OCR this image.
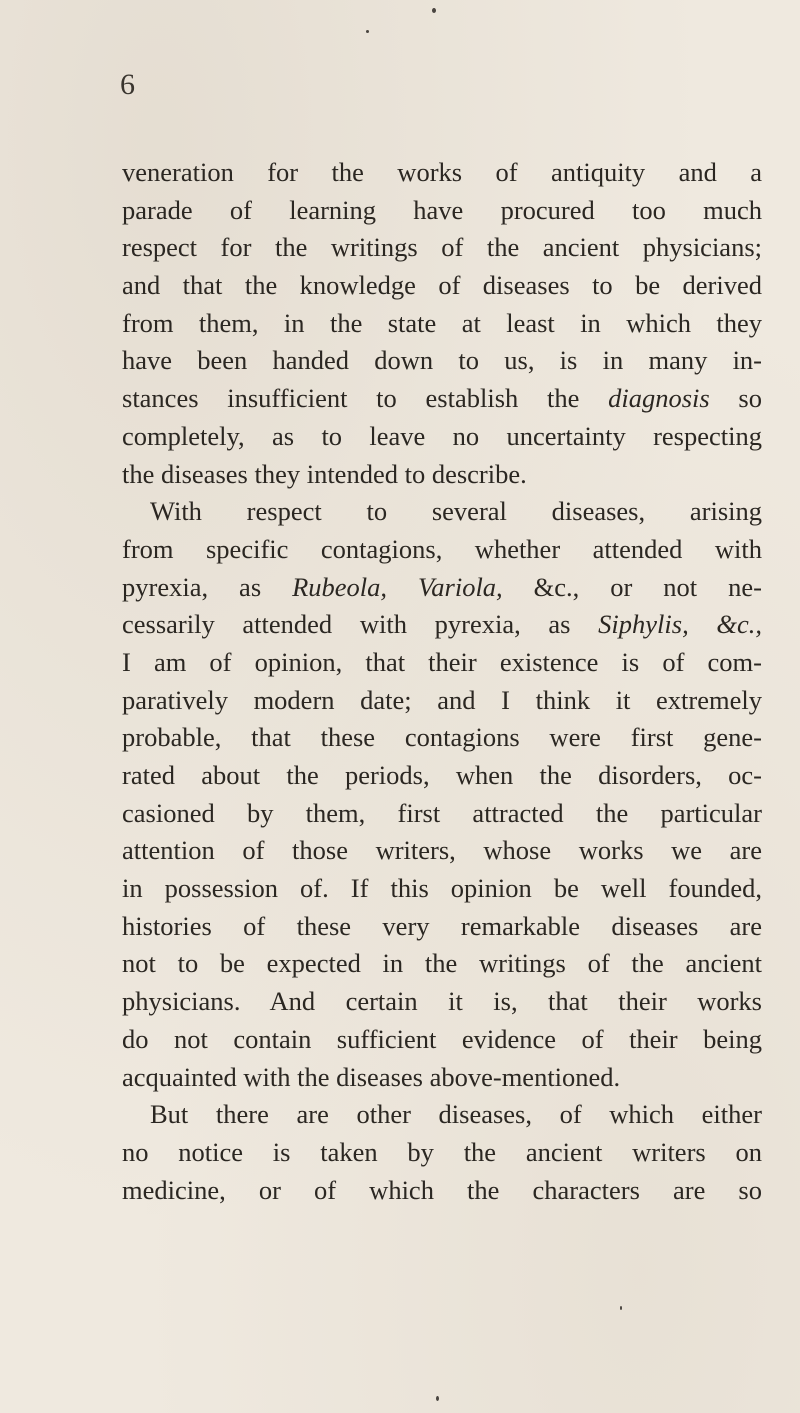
6
veneration for the works of antiquity and a
parade of learning have procured too much
respect for the writings of the ancient physicians;
and that the knowledge of diseases to be derived
from them, in the state at least in which they
have been handed down to us, is in many in-
stances insufficient to establish the diagnosis so
completely, as to leave no uncertainty respecting
the diseases they intended to describe.
With respect to several diseases, arising
from specific contagions, whether attended with
pyrexia, as Rubeola, Variola, &c., or not ne-
cessarily attended with pyrexia, as Siphylis, &c.,
I am of opinion, that their existence is of com-
paratively modern date; and I think it extremely
probable, that these contagions were first gene-
rated about the periods, when the disorders, oc-
casioned by them, first attracted the particular
attention of those writers, whose works we are
in possession of. If this opinion be well founded,
histories of these very remarkable diseases are
not to be expected in the writings of the ancient
physicians. And certain it is, that their works
do not contain sufficient evidence of their being
acquainted with the diseases above-mentioned.
But there are other diseases, of which either
no notice is taken by the ancient writers on
medicine, or of which the characters are so
